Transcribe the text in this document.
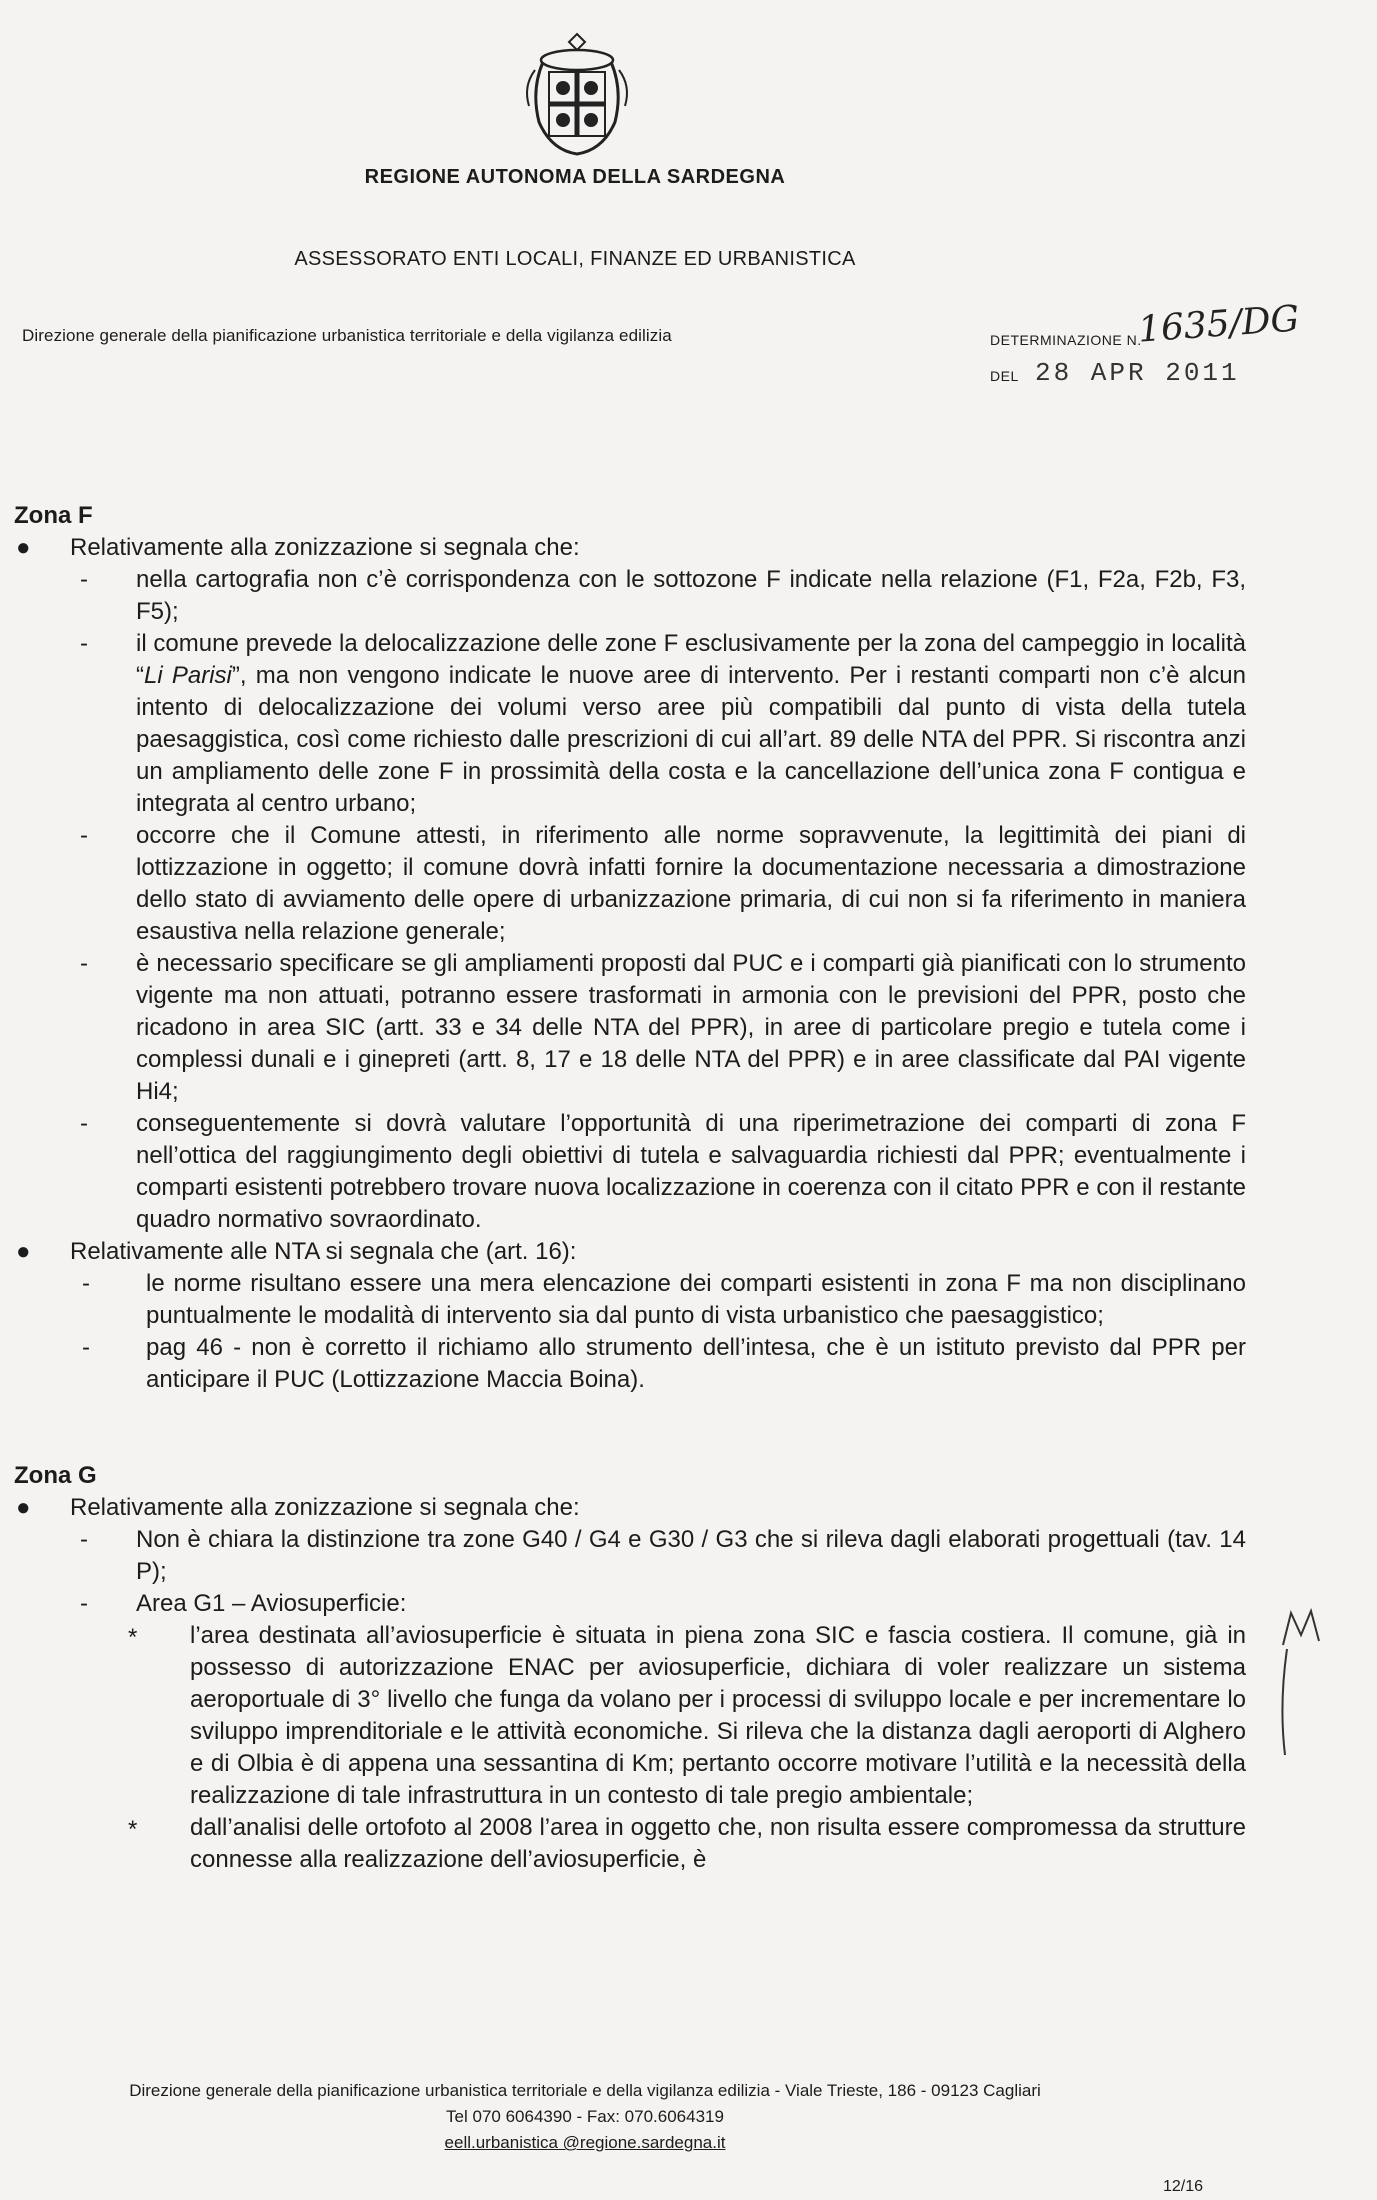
REGIONE AUTONOMA DELLA SARDEGNA
ASSESSORATO ENTI LOCALI, FINANZE ED URBANISTICA
Direzione generale della pianificazione urbanistica territoriale e della vigilanza edilizia	DETERMINAZIONE N.
1635/DG
DEL 28 APR 2011
Zona F
● Relativamente alla zonizzazione si segnala che:
- nella cartografia non c’è corrispondenza con le sottozone F indicate nella relazione (F1, F2a, F2b, F3, F5);
- il comune prevede la delocalizzazione delle zone F esclusivamente per la zona del campeggio in località “Li Parisi”, ma non vengono indicate le nuove aree di intervento. Per i restanti comparti non c’è alcun intento di delocalizzazione dei volumi verso aree più compatibili dal punto di vista della tutela paesaggistica, così come richiesto dalle prescrizioni di cui all’art. 89 delle NTA del PPR. Si riscontra anzi un ampliamento delle zone F in prossimità della costa e la cancellazione dell’unica zona F contigua e integrata al centro urbano;
- occorre che il Comune attesti, in riferimento alle norme sopravvenute, la legittimità dei piani di lottizzazione in oggetto; il comune dovrà infatti fornire la documentazione necessaria a dimostrazione dello stato di avviamento delle opere di urbanizzazione primaria, di cui non si fa riferimento in maniera esaustiva nella relazione generale;
- è necessario specificare se gli ampliamenti proposti dal PUC e i comparti già pianificati con lo strumento vigente ma non attuati, potranno essere trasformati in armonia con le previsioni del PPR, posto che ricadono in area SIC (artt. 33 e 34 delle NTA del PPR), in aree di particolare pregio e tutela come i complessi dunali e i ginepreti (artt. 8, 17 e 18 delle NTA del PPR) e in aree classificate dal PAI vigente Hi4;
- conseguentemente si dovrà valutare l’opportunità di una riperimetrazione dei comparti di zona F nell’ottica del raggiungimento degli obiettivi di tutela e salvaguardia richiesti dal PPR; eventualmente i comparti esistenti potrebbero trovare nuova localizzazione in coerenza con il citato PPR e con il restante quadro normativo sovraordinato.
● Relativamente alle NTA si segnala che (art. 16):
- le norme risultano essere una mera elencazione dei comparti esistenti in zona F ma non disciplinano puntualmente le modalità di intervento sia dal punto di vista urbanistico che paesaggistico;
- pag 46 - non è corretto il richiamo allo strumento dell’intesa, che è un istituto previsto dal PPR per anticipare il PUC (Lottizzazione Maccia Boina).
Zona G
● Relativamente alla zonizzazione si segnala che:
- Non è chiara la distinzione tra zone G40 / G4 e G30 / G3 che si rileva dagli elaborati progettuali (tav. 14 P);
- Area G1 – Aviosuperficie:
* l’area destinata all’aviosuperficie è situata in piena zona SIC e fascia costiera. Il comune, già in possesso di autorizzazione ENAC per aviosuperficie, dichiara di voler realizzare un sistema aeroportuale di 3° livello che funga da volano per i processi di sviluppo locale e per incrementare lo sviluppo imprenditoriale e le attività economiche. Si rileva che la distanza dagli aeroporti di Alghero e di Olbia è di appena una sessantina di Km; pertanto occorre motivare l’utilità e la necessità della realizzazione di tale infrastruttura in un contesto di tale pregio ambientale;
* dall’analisi delle ortofoto al 2008 l’area in oggetto che, non risulta essere compromessa da strutture connesse alla realizzazione dell’aviosuperficie, è
Direzione generale della pianificazione urbanistica territoriale e della vigilanza edilizia - Viale Trieste, 186 - 09123 Cagliari
Tel 070 6064390 - Fax: 070.6064319
eell.urbanistica @regione.sardegna.it
12/16
